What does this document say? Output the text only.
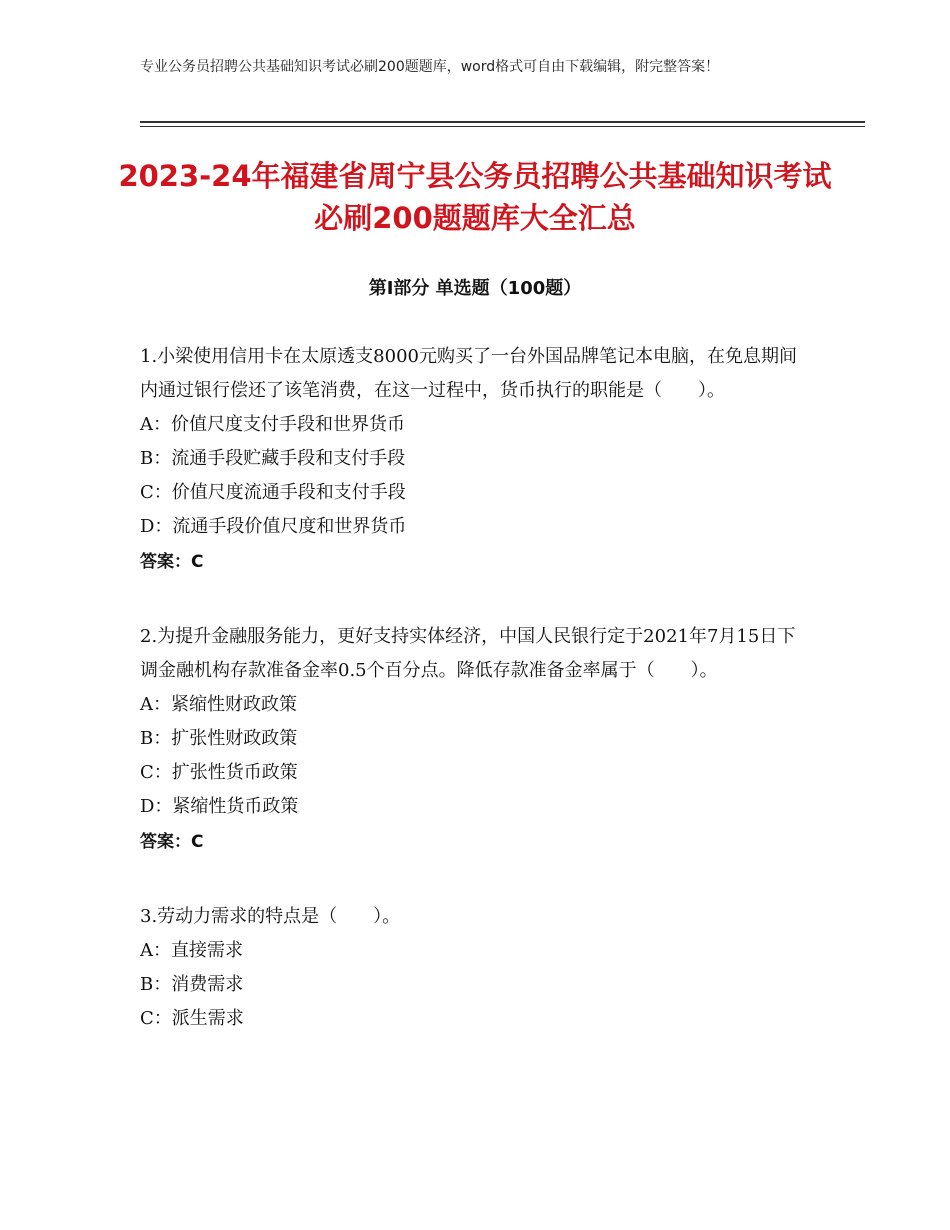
专业公务员招聘公共基础知识考试必刷200题题库，word格式可自由下载编辑，附完整答案！
2023-24年福建省周宁县公务员招聘公共基础知识考试必刷200题题库大全汇总
第Ⅰ部分 单选题（100题）

1.小梁使用信用卡在太原透支8000元购买了一台外国品牌笔记本电脑，在免息期间内通过银行偿还了该笔消费，在这一过程中，货币执行的职能是（　　）。

A：价值尺度支付手段和世界货币

B：流通手段贮藏手段和支付手段

C：价值尺度流通手段和支付手段

D：流通手段价值尺度和世界货币

答案：C

2.为提升金融服务能力，更好支持实体经济，中国人民银行定于2021年7月15日下调金融机构存款准备金率0.5个百分点。降低存款准备金率属于（　　）。

A：紧缩性财政政策

B：扩张性财政政策

C：扩张性货币政策

D：紧缩性货币政策

答案：C

3.劳动力需求的特点是（　　）。

A：直接需求

B：消费需求

C：派生需求
